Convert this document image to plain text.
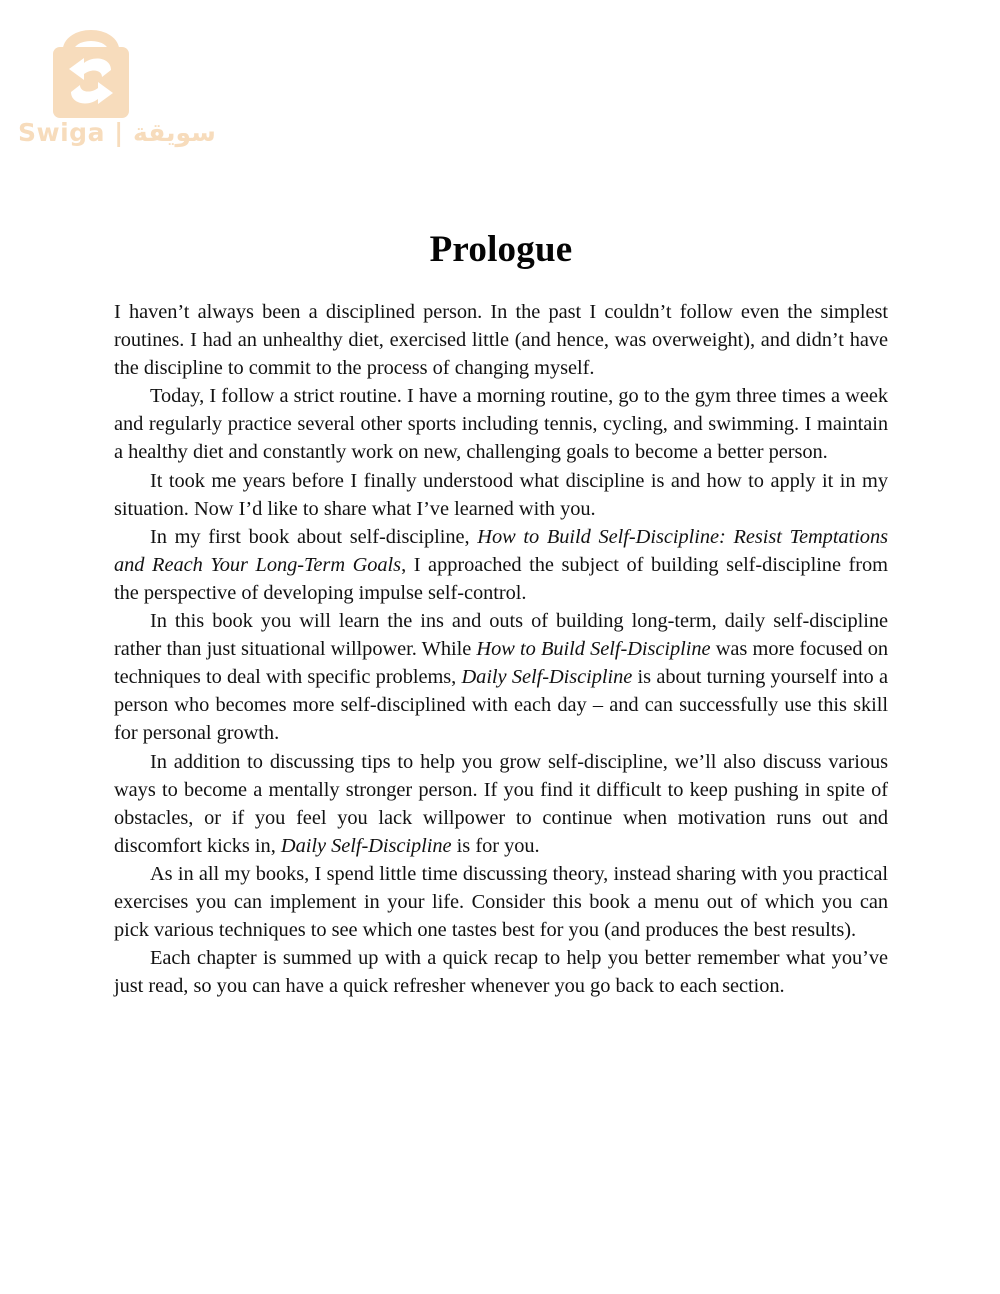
Swiga | سويقة
Prologue

I haven’t always been a disciplined person. In the past I couldn’t follow even the simplest routines. I had an unhealthy diet, exercised little (and hence, was overweight), and didn’t have the discipline to commit to the process of changing myself.

Today, I follow a strict routine. I have a morning routine, go to the gym three times a week and regularly practice several other sports including tennis, cycling, and swimming. I maintain a healthy diet and constantly work on new, challenging goals to become a better person.

It took me years before I finally understood what discipline is and how to apply it in my situation. Now I’d like to share what I’ve learned with you.

In my first book about self-discipline, How to Build Self-Discipline: Resist Temptations and Reach Your Long-Term Goals, I approached the subject of building self-discipline from the perspective of developing impulse self-control.

In this book you will learn the ins and outs of building long-term, daily self-discipline rather than just situational willpower. While How to Build Self-Discipline was more focused on techniques to deal with specific problems, Daily Self-Discipline is about turning yourself into a person who becomes more self-disciplined with each day – and can successfully use this skill for personal growth.

In addition to discussing tips to help you grow self-discipline, we’ll also discuss various ways to become a mentally stronger person. If you find it difficult to keep pushing in spite of obstacles, or if you feel you lack willpower to continue when motivation runs out and discomfort kicks in, Daily Self-Discipline is for you.

As in all my books, I spend little time discussing theory, instead sharing with you practical exercises you can implement in your life. Consider this book a menu out of which you can pick various techniques to see which one tastes best for you (and produces the best results).

Each chapter is summed up with a quick recap to help you better remember what you’ve just read, so you can have a quick refresher whenever you go back to each section.
